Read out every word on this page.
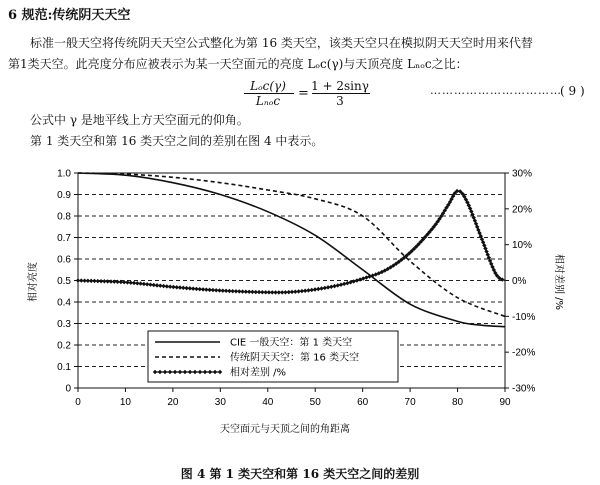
6 规范:传统阴天天空
标准一般天空将传统阴天天空公式整化为第 16 类天空，该类天空只在模拟阴天天空时用来代替
第1类天空。此亮度分布应被表示为某一天空面元的亮度 Lₒc(γ)与天顶亮度 Lₙₒc之比：
Lₒc(γ)
Lₙₒc	= 1 + 2sinγ
3
……………………………
( 9 )
公式中 γ 是地平线上方天空面元的仰角。
第 1 类天空和第 16 类天空之间的差别在图 4 中表示。
0
0.1
0.2
0.3
0.4
0.5
0.6
0.7
0.8
0.9
1.0
-30%
-20%
-10%
0%
10%
20%
30%
0	10	20	30	40	50	60	70	80	90
CIE 一般天空：第 1 类天空
传统阴天天空：第 16 类天空
相对差别 /%
相对亮度	相对差别 /%
天空面元与天顶之间的角距离
图 4 第 1 类天空和第 16 类天空之间的差别
